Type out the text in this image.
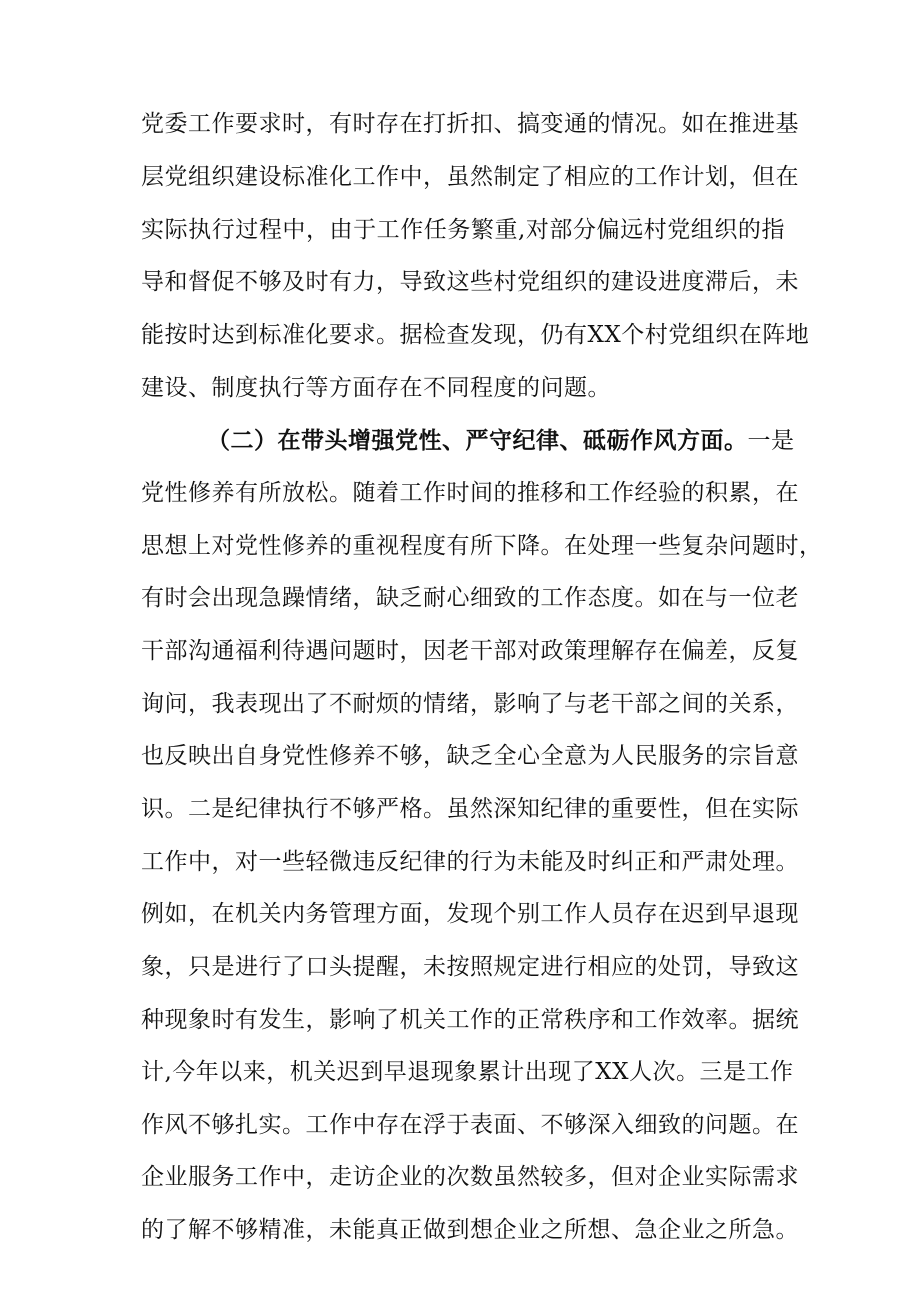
党委工作要求时，有时存在打折扣、搞变通的情况。如在推进基
层党组织建设标准化工作中，虽然制定了相应的工作计划，但在
实际执行过程中，由于工作任务繁重,对部分偏远村党组织的指
导和督促不够及时有力，导致这些村党组织的建设进度滞后，未
能按时达到标准化要求。据检查发现，仍有XX个村党组织在阵地
建设、制度执行等方面存在不同程度的问题。
（二）在带头增强党性、严守纪律、砥砺作风方面。一是
党性修养有所放松。随着工作时间的推移和工作经验的积累，在
思想上对党性修养的重视程度有所下降。在处理一些复杂问题时，
有时会出现急躁情绪，缺乏耐心细致的工作态度。如在与一位老
干部沟通福利待遇问题时，因老干部对政策理解存在偏差，反复
询问，我表现出了不耐烦的情绪，影响了与老干部之间的关系，
也反映出自身党性修养不够，缺乏全心全意为人民服务的宗旨意
识。二是纪律执行不够严格。虽然深知纪律的重要性，但在实际
工作中，对一些轻微违反纪律的行为未能及时纠正和严肃处理。
例如，在机关内务管理方面，发现个别工作人员存在迟到早退现
象，只是进行了口头提醒，未按照规定进行相应的处罚，导致这
种现象时有发生，影响了机关工作的正常秩序和工作效率。据统
计,今年以来，机关迟到早退现象累计出现了XX人次。三是工作
作风不够扎实。工作中存在浮于表面、不够深入细致的问题。在
企业服务工作中，走访企业的次数虽然较多，但对企业实际需求
的了解不够精准，未能真正做到想企业之所想、急企业之所急。
